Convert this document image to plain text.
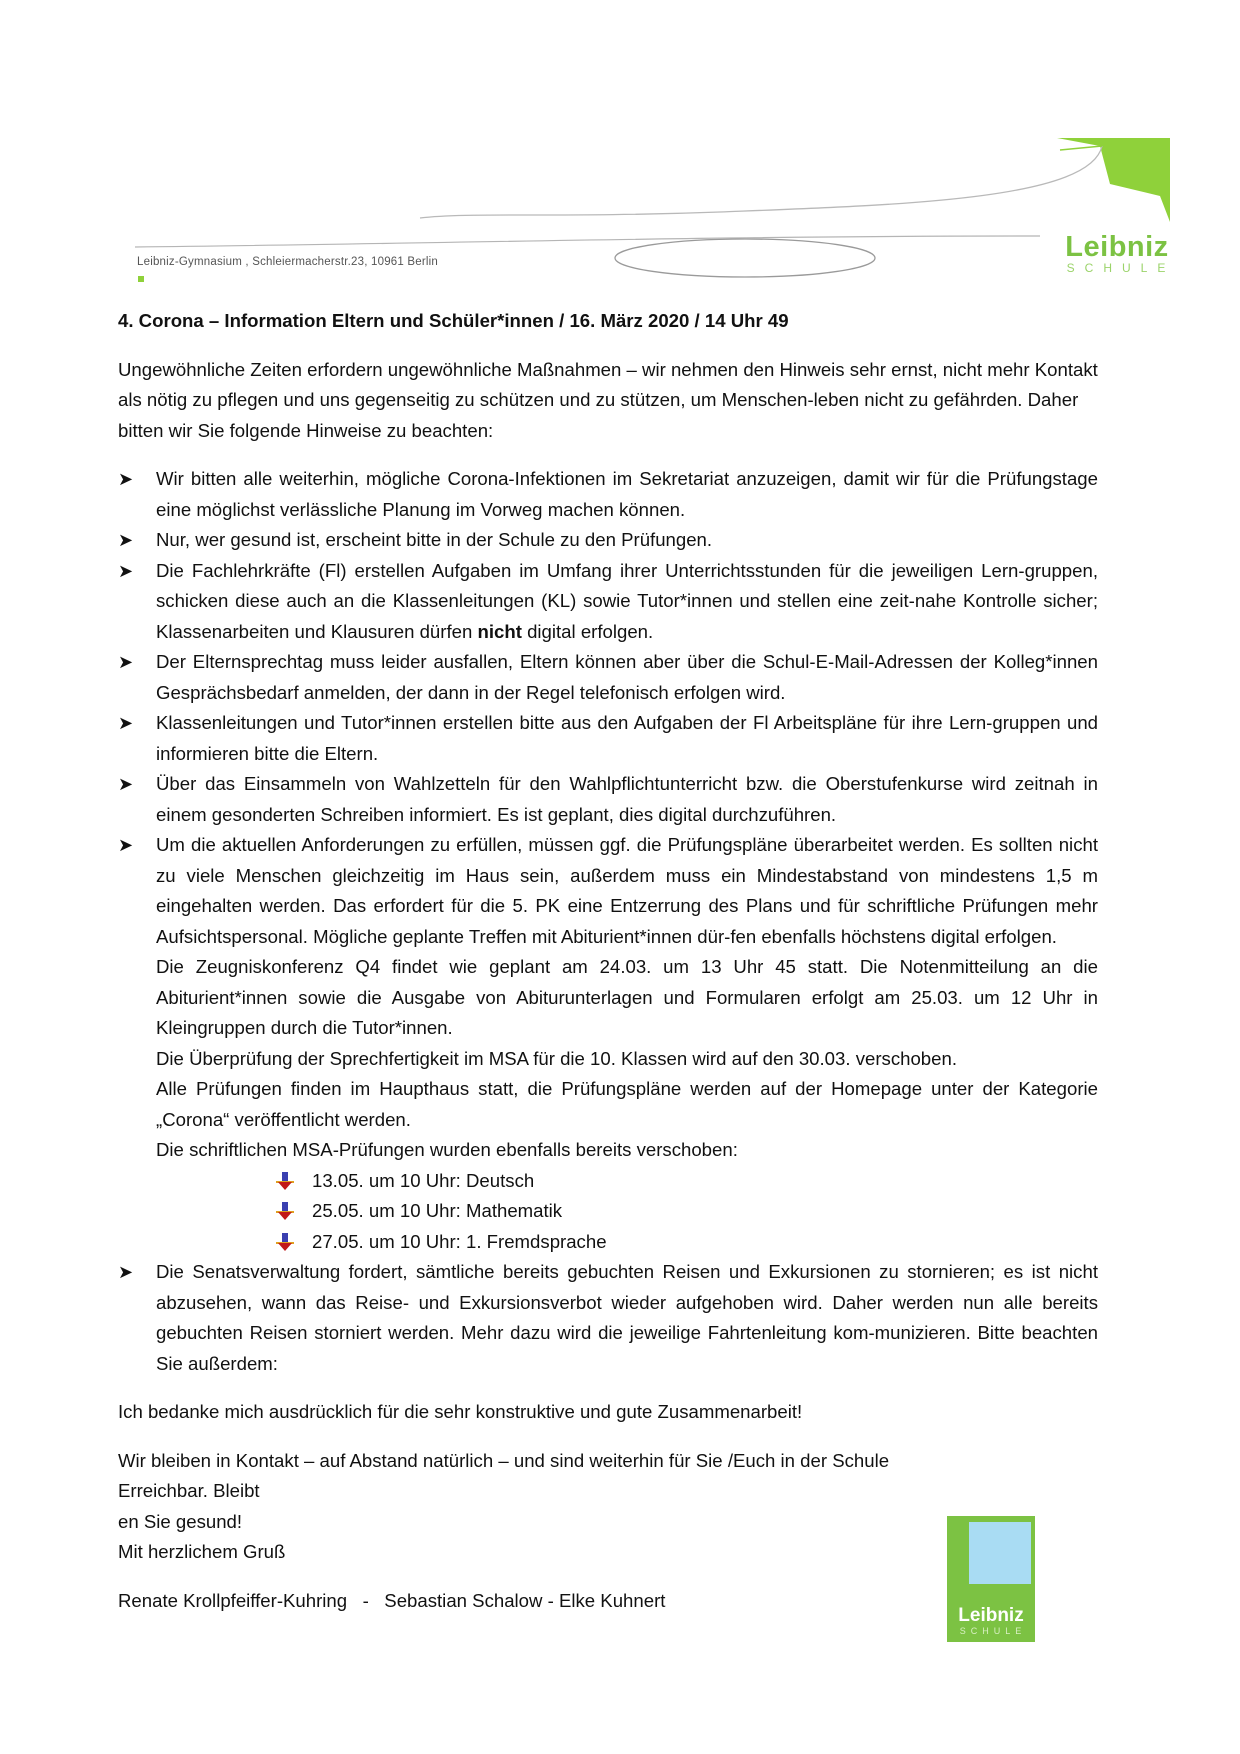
Leibniz-Gymnasium , Schleiermacherstr.23, 10961 Berlin	Leibniz
SCHULE

4. Corona – Information Eltern und Schüler*innen / 16. März 2020 / 14 Uhr 49

Ungewöhnliche Zeiten erfordern ungewöhnliche Maßnahmen – wir nehmen den Hinweis sehr ernst, nicht mehr Kontakt als nötig zu pflegen und uns gegenseitig zu schützen und zu stützen, um Menschen-leben nicht zu gefährden. Daher bitten wir Sie folgende Hinweise zu beachten:

➤ Wir bitten alle weiterhin, mögliche Corona-Infektionen im Sekretariat anzuzeigen, damit wir für die Prüfungstage eine möglichst verlässliche Planung im Vorweg machen können.
➤ Nur, wer gesund ist, erscheint bitte in der Schule zu den Prüfungen.
➤ Die Fachlehrkräfte (Fl) erstellen Aufgaben im Umfang ihrer Unterrichtsstunden für die jeweiligen Lern-gruppen, schicken diese auch an die Klassenleitungen (KL) sowie Tutor*innen und stellen eine zeit-nahe Kontrolle sicher; Klassenarbeiten und Klausuren dürfen nicht digital erfolgen.
➤ Der Elternsprechtag muss leider ausfallen, Eltern können aber über die Schul-E-Mail-Adressen der Kolleg*innen Gesprächsbedarf anmelden, der dann in der Regel telefonisch erfolgen wird.
➤ Klassenleitungen und Tutor*innen erstellen bitte aus den Aufgaben der Fl Arbeitspläne für ihre Lern-gruppen und informieren bitte die Eltern.
➤ Über das Einsammeln von Wahlzetteln für den Wahlpflichtunterricht bzw. die Oberstufenkurse wird zeitnah in einem gesonderten Schreiben informiert. Es ist geplant, dies digital durchzuführen.
➤ Um die aktuellen Anforderungen zu erfüllen, müssen ggf. die Prüfungspläne überarbeitet werden. Es sollten nicht zu viele Menschen gleichzeitig im Haus sein, außerdem muss ein Mindestabstand von mindestens 1,5 m eingehalten werden. Das erfordert für die 5. PK eine Entzerrung des Plans und für schriftliche Prüfungen mehr Aufsichtspersonal. Mögliche geplante Treffen mit Abiturient*innen dür-fen ebenfalls höchstens digital erfolgen.
Die Zeugniskonferenz Q4 findet wie geplant am 24.03. um 13 Uhr 45 statt. Die Notenmitteilung an die Abiturient*innen sowie die Ausgabe von Abiturunterlagen und Formularen erfolgt am 25.03. um 12 Uhr in Kleingruppen durch die Tutor*innen.
Die Überprüfung der Sprechfertigkeit im MSA für die 10. Klassen wird auf den 30.03. verschoben.
Alle Prüfungen finden im Haupthaus statt, die Prüfungspläne werden auf der Homepage unter der Kategorie „Corona“ veröffentlicht werden.
Die schriftlichen MSA-Prüfungen wurden ebenfalls bereits verschoben:
13.05. um 10 Uhr: Deutsch
25.05. um 10 Uhr: Mathematik
27.05. um 10 Uhr: 1. Fremdsprache
➤ Die Senatsverwaltung fordert, sämtliche bereits gebuchten Reisen und Exkursionen zu stornieren; es ist nicht abzusehen, wann das Reise- und Exkursionsverbot wieder aufgehoben wird. Daher werden nun alle bereits gebuchten Reisen storniert werden. Mehr dazu wird die jeweilige Fahrtenleitung kom-munizieren. Bitte beachten Sie außerdem:

Ich bedanke mich ausdrücklich für die sehr konstruktive und gute Zusammenarbeit!

Wir bleiben in Kontakt – auf Abstand natürlich – und sind weiterhin für Sie /Euch in der Schule

Erreichbar. Bleibt

en Sie gesund!

Mit herzlichem Gruß

Renate Krollpfeiffer-Kuhring   -   Sebastian Schalow - Elke Kuhnert

Leibniz
SCHULE
